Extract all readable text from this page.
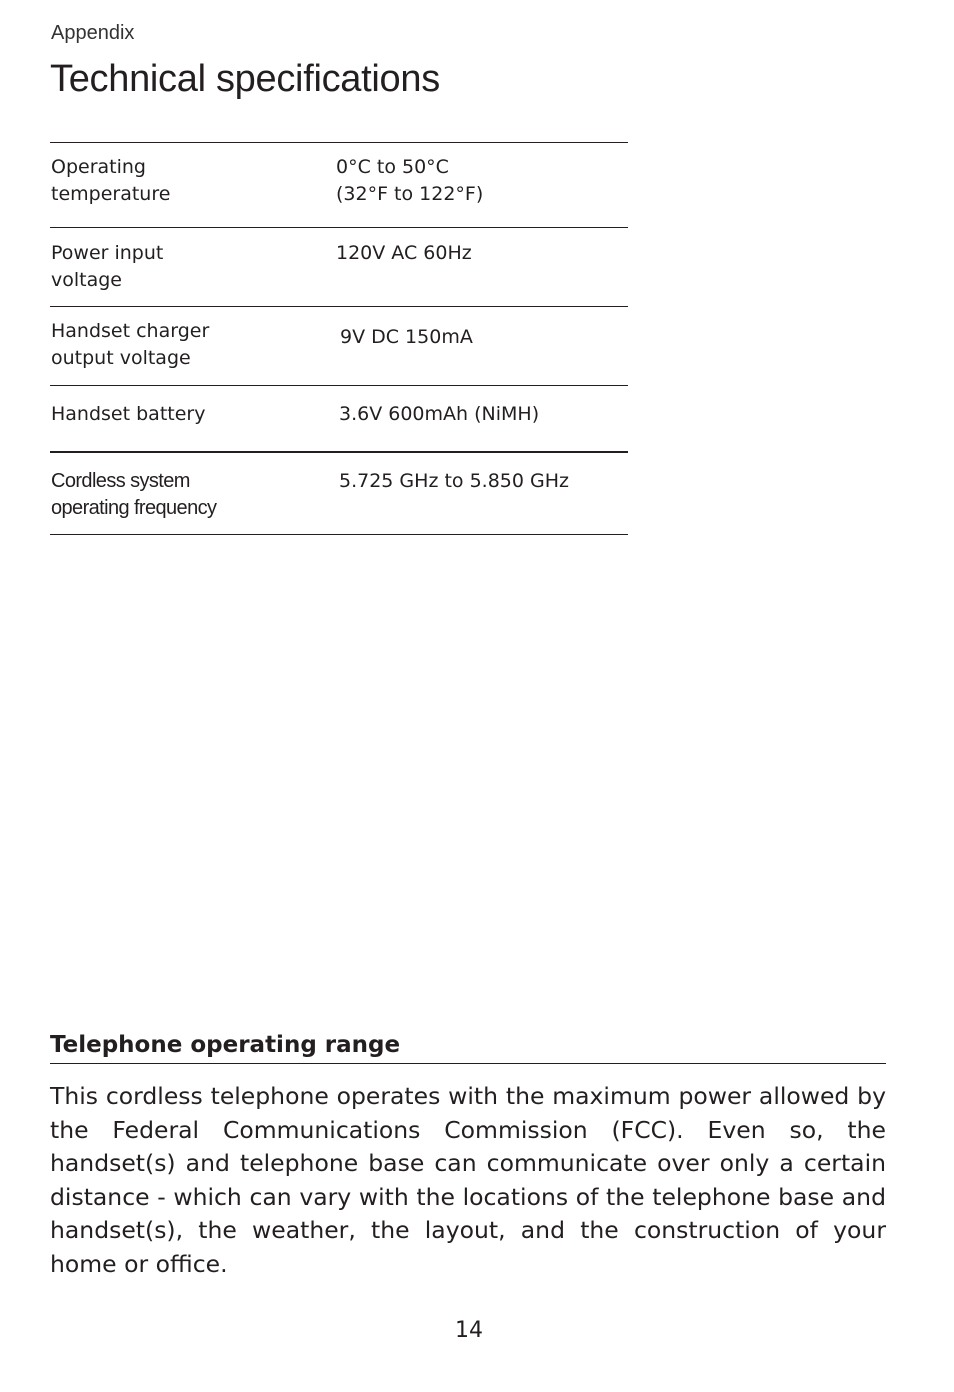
Appendix
Technical specifications
Operating
temperature
0°C to 50°C
(32°F to 122°F)
Power input
voltage
120V AC 60Hz
Handset charger
output voltage
9V DC 150mA
Handset battery	3.6V 600mAh (NiMH)
Cordless system
operating frequency
5.725 GHz to 5.850 GHz
Telephone operating range

This cordless telephone operates with the maximum power allowed by the Federal Communications Commission (FCC). Even so, the handset(s) and telephone base can communicate over only a certain distance - which can vary with the locations of the telephone base and handset(s), the weather, the layout, and the construction of your home or office.

14
